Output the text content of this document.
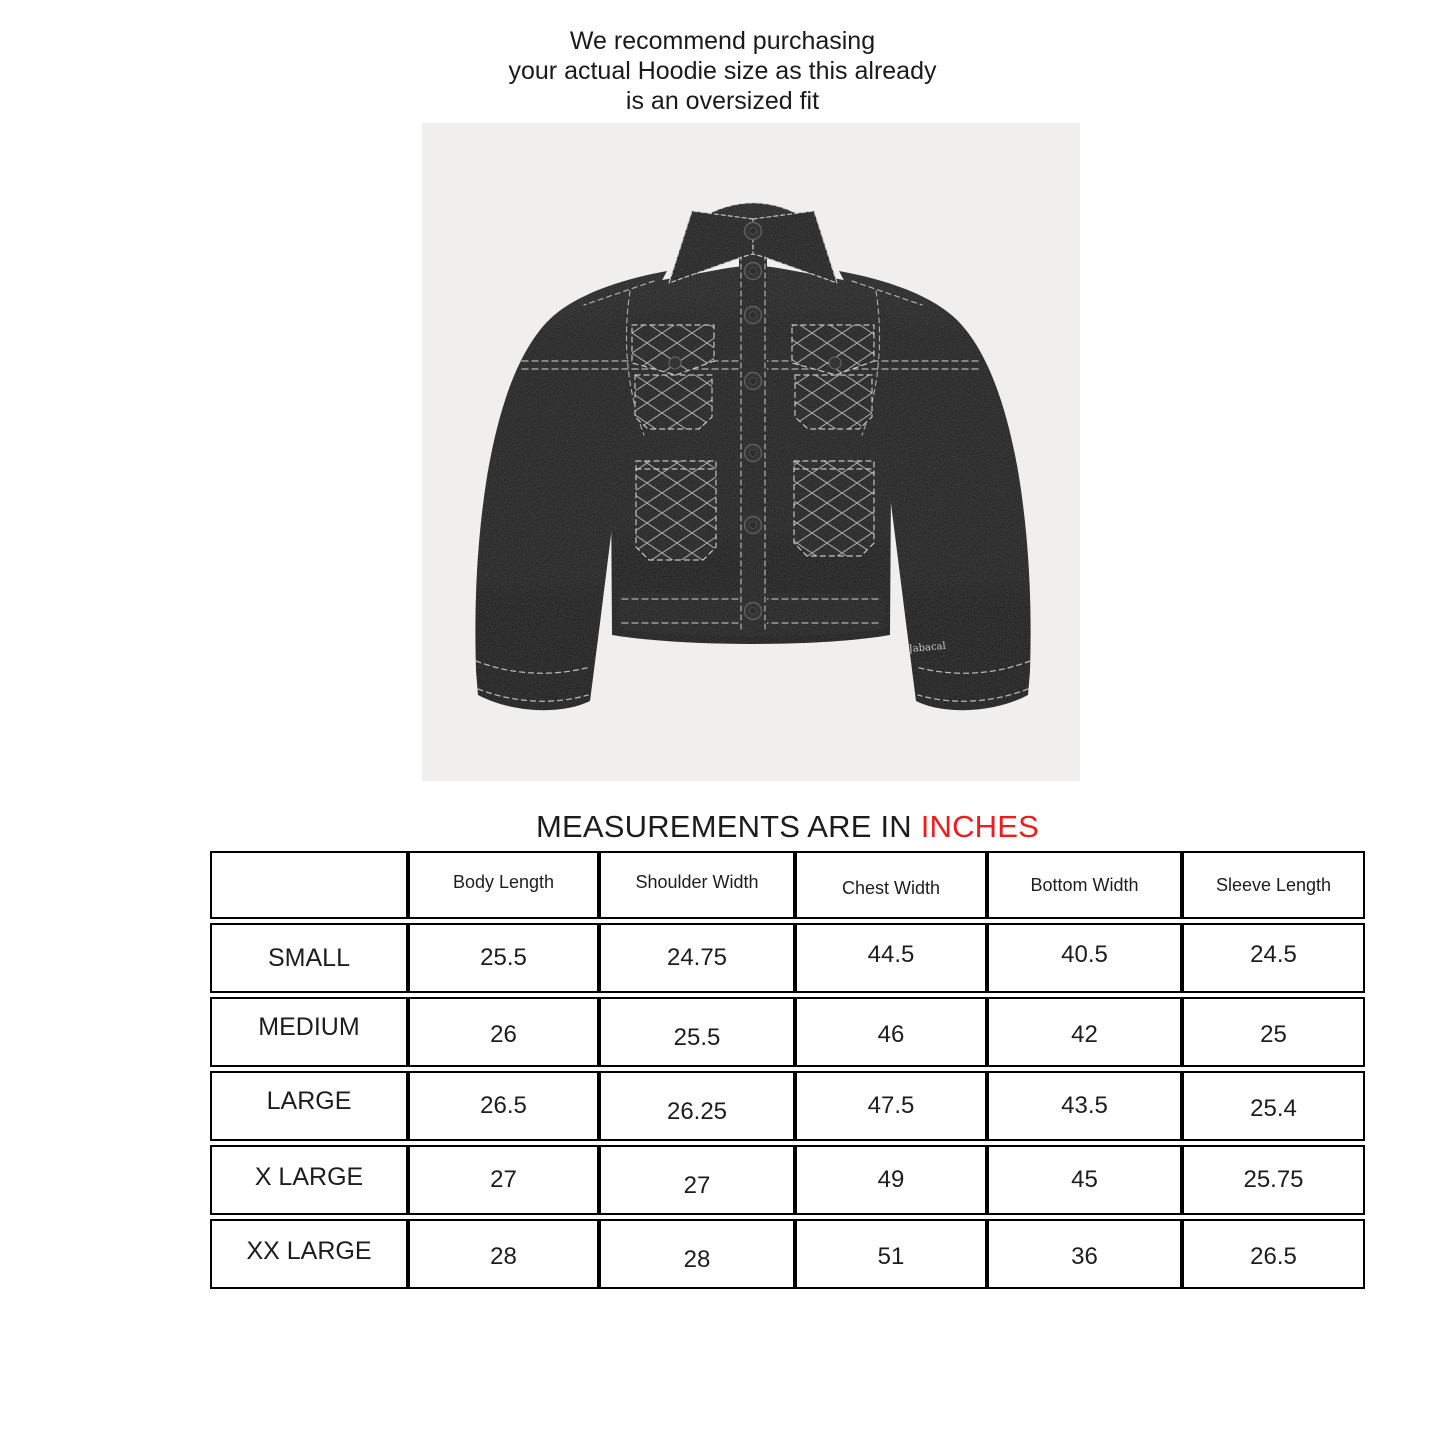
We recommend purchasing
your actual Hoodie size as this already
is an oversized fit
Jabacal
MEASUREMENTS ARE IN INCHES
	Body Length	Shoulder Width	Chest Width	Bottom Width	Sleeve Length
SMALL	25.5	24.75	44.5	40.5	24.5
MEDIUM	26	25.5	46	42	25
LARGE	26.5	26.25	47.5	43.5	25.4
X LARGE	27	27	49	45	25.75
XX LARGE	28	28	51	36	26.5
